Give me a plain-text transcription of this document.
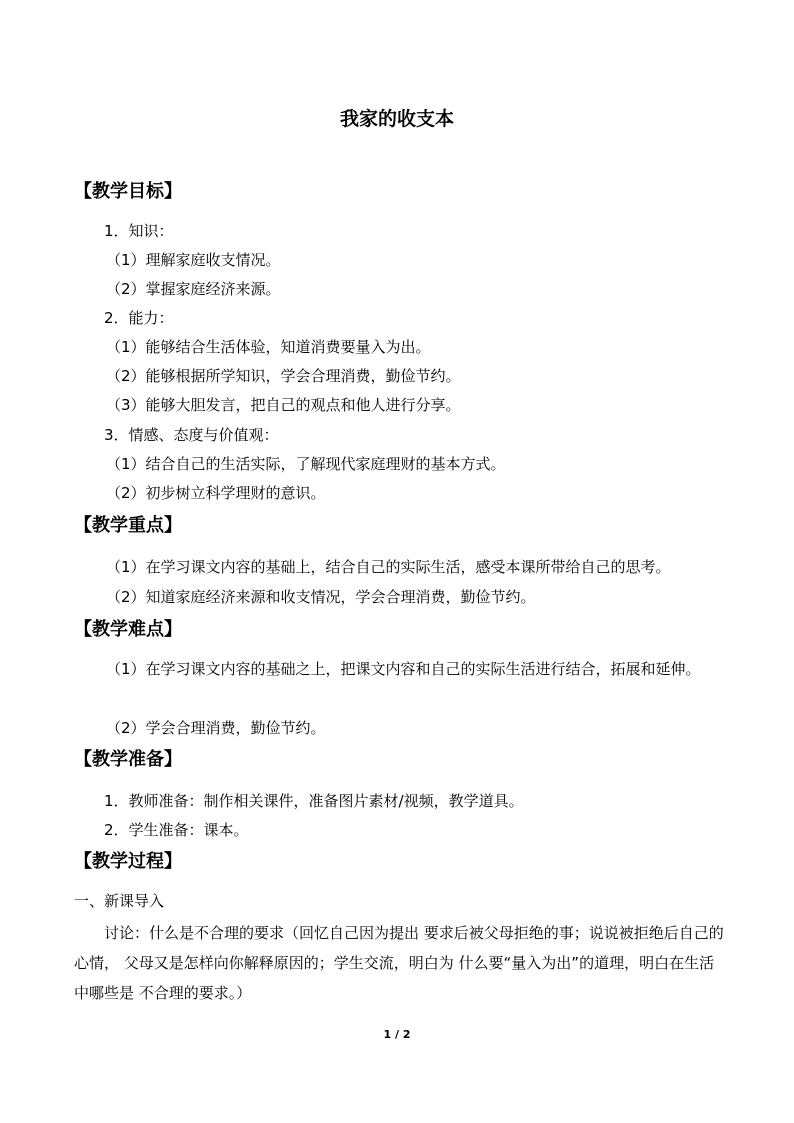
我家的收支本
【教学目标】
1．知识：
（1）理解家庭收支情况。
（2）掌握家庭经济来源。
2．能力：
（1）能够结合生活体验，知道消费要量入为出。
（2）能够根据所学知识，学会合理消费，勤俭节约。
（3）能够大胆发言，把自己的观点和他人进行分享。
3．情感、态度与价值观：
（1）结合自己的生活实际，了解现代家庭理财的基本方式。
（2）初步树立科学理财的意识。
【教学重点】
（1）在学习课文内容的基础上，结合自己的实际生活，感受本课所带给自己的思考。
（2）知道家庭经济来源和收支情况，学会合理消费，勤俭节约。
【教学难点】
（1）在学习课文内容的基础之上，把课文内容和自己的实际生活进行结合，拓展和延伸。
（2）学会合理消费，勤俭节约。
【教学准备】
1．教师准备：制作相关课件，准备图片素材/视频，教学道具。
2．学生准备：课本。
【教学过程】
一、新课导入
讨论：什么是不合理的要求（回忆自己因为提出 要求后被父母拒绝的事；说说被拒绝后自己的心情， 父母又是怎样向你解释原因的；学生交流，明白为 什么要“量入为出”的道理，明白在生活中哪些是 不合理的要求。）
1 / 2
